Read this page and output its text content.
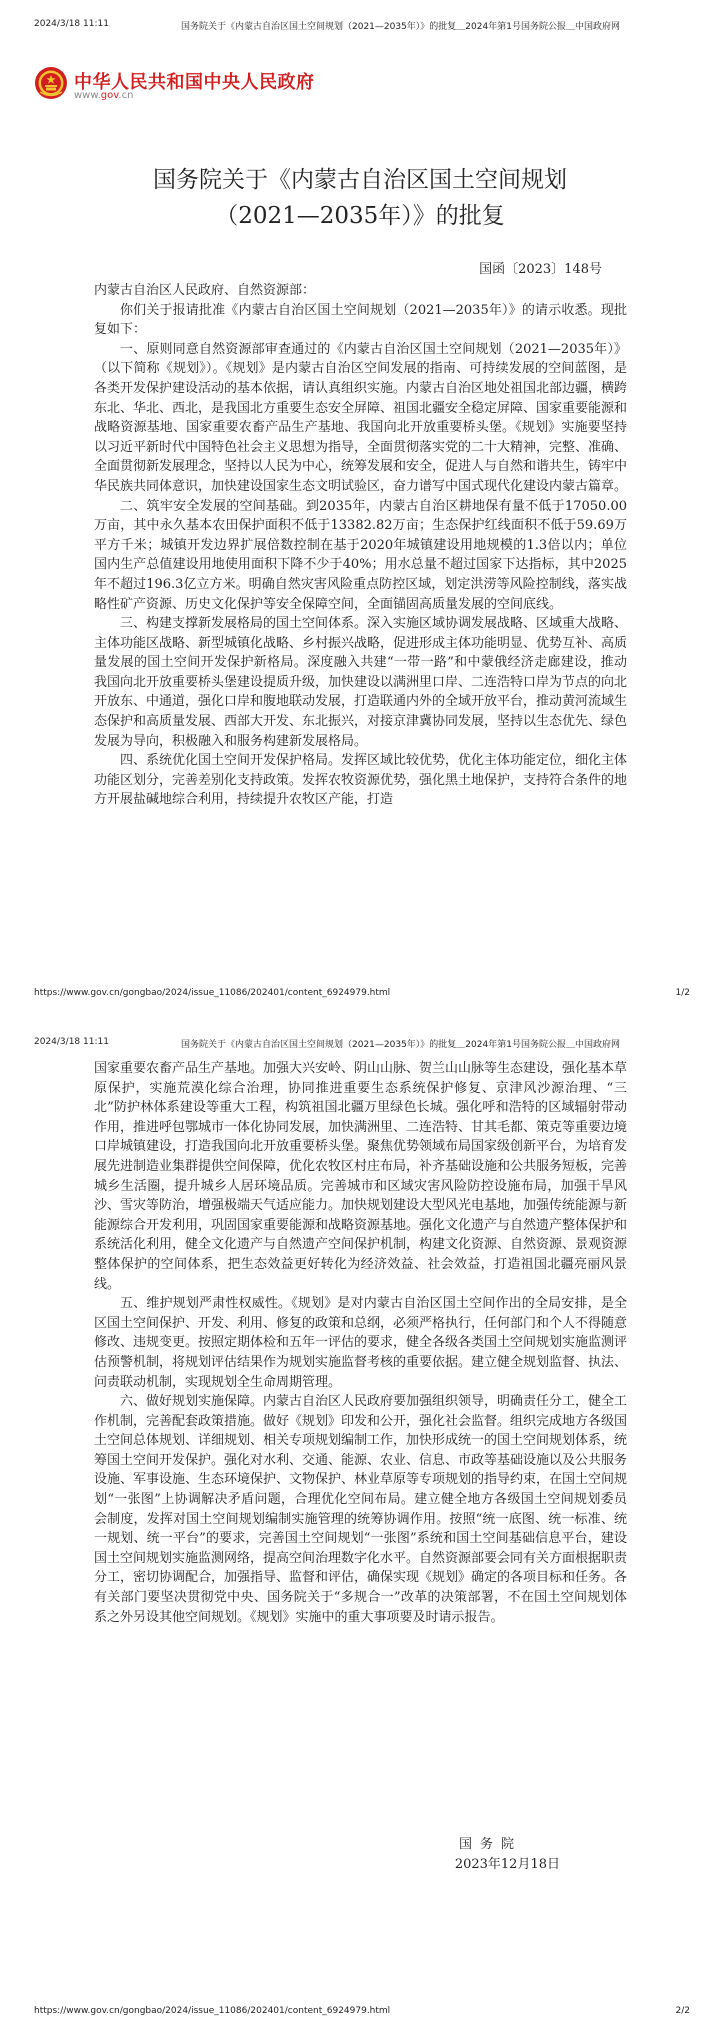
2024/3/18 11:11	国务院关于《内蒙古自治区国土空间规划（2021—2035年）》的批复＿2024年第1号国务院公报＿中国政府网
中华人民共和国中央人民政府
www.gov.cn
国务院关于《内蒙古自治区国土空间规划
（2021—2035年）》的批复
国函〔2023〕148号

内蒙古自治区人民政府、自然资源部：

你们关于报请批准《内蒙古自治区国土空间规划（2021—2035年）》的请示收悉。现批复如下：

一、原则同意自然资源部审查通过的《内蒙古自治区国土空间规划（2021—2035年）》（以下简称《规划》）。《规划》是内蒙古自治区空间发展的指南、可持续发展的空间蓝图，是各类开发保护建设活动的基本依据，请认真组织实施。内蒙古自治区地处祖国北部边疆，横跨东北、华北、西北，是我国北方重要生态安全屏障、祖国北疆安全稳定屏障、国家重要能源和战略资源基地、国家重要农畜产品生产基地、我国向北开放重要桥头堡。《规划》实施要坚持以习近平新时代中国特色社会主义思想为指导，全面贯彻落实党的二十大精神，完整、准确、全面贯彻新发展理念，坚持以人民为中心，统筹发展和安全，促进人与自然和谐共生，铸牢中华民族共同体意识，加快建设国家生态文明试验区，奋力谱写中国式现代化建设内蒙古篇章。

二、筑牢安全发展的空间基础。到2035年，内蒙古自治区耕地保有量不低于17050.00万亩，其中永久基本农田保护面积不低于13382.82万亩；生态保护红线面积不低于59.69万平方千米；城镇开发边界扩展倍数控制在基于2020年城镇建设用地规模的1.3倍以内；单位国内生产总值建设用地使用面积下降不少于40%；用水总量不超过国家下达指标，其中2025年不超过196.3亿立方米。明确自然灾害风险重点防控区域，划定洪涝等风险控制线，落实战略性矿产资源、历史文化保护等安全保障空间，全面锚固高质量发展的空间底线。

三、构建支撑新发展格局的国土空间体系。深入实施区域协调发展战略、区域重大战略、主体功能区战略、新型城镇化战略、乡村振兴战略，促进形成主体功能明显、优势互补、高质量发展的国土空间开发保护新格局。深度融入共建“一带一路”和中蒙俄经济走廊建设，推动我国向北开放重要桥头堡建设提质升级，加快建设以满洲里口岸、二连浩特口岸为节点的向北开放东、中通道，强化口岸和腹地联动发展，打造联通内外的全域开放平台，推动黄河流域生态保护和高质量发展、西部大开发、东北振兴，对接京津冀协同发展，坚持以生态优先、绿色发展为导向，积极融入和服务构建新发展格局。

四、系统优化国土空间开发保护格局。发挥区域比较优势，优化主体功能定位，细化主体功能区划分，完善差别化支持政策。发挥农牧资源优势，强化黑土地保护，支持符合条件的地方开展盐碱地综合利用，持续提升农牧区产能，打造

https://www.gov.cn/gongbao/2024/issue_11086/202401/content_6924979.html	1/2
2024/3/18 11:11	国务院关于《内蒙古自治区国土空间规划（2021—2035年）》的批复＿2024年第1号国务院公报＿中国政府网
https://www.gov.cn/gongbao/2024/issue_11086/202401/content_6924979.html	2/2

国家重要农畜产品生产基地。加强大兴安岭、阴山山脉、贺兰山山脉等生态建设，强化基本草原保护，实施荒漠化综合治理，协同推进重要生态系统保护修复、京津风沙源治理、“三北”防护林体系建设等重大工程，构筑祖国北疆万里绿色长城。强化呼和浩特的区域辐射带动作用，推进呼包鄂城市一体化协同发展，加快满洲里、二连浩特、甘其毛都、策克等重要边境口岸城镇建设，打造我国向北开放重要桥头堡。聚焦优势领域布局国家级创新平台，为培育发展先进制造业集群提供空间保障，优化农牧区村庄布局，补齐基础设施和公共服务短板，完善城乡生活圈，提升城乡人居环境品质。完善城市和区域灾害风险防控设施布局，加强干旱风沙、雪灾等防治，增强极端天气适应能力。加快规划建设大型风光电基地，加强传统能源与新能源综合开发利用，巩固国家重要能源和战略资源基地。强化文化遗产与自然遗产整体保护和系统活化利用，健全文化遗产与自然遗产空间保护机制，构建文化资源、自然资源、景观资源整体保护的空间体系，把生态效益更好转化为经济效益、社会效益，打造祖国北疆亮丽风景线。

五、维护规划严肃性权威性。《规划》是对内蒙古自治区国土空间作出的全局安排，是全区国土空间保护、开发、利用、修复的政策和总纲，必须严格执行，任何部门和个人不得随意修改、违规变更。按照定期体检和五年一评估的要求，健全各级各类国土空间规划实施监测评估预警机制，将规划评估结果作为规划实施监督考核的重要依据。建立健全规划监督、执法、问责联动机制，实现规划全生命周期管理。

六、做好规划实施保障。内蒙古自治区人民政府要加强组织领导，明确责任分工，健全工作机制，完善配套政策措施。做好《规划》印发和公开，强化社会监督。组织完成地方各级国土空间总体规划、详细规划、相关专项规划编制工作，加快形成统一的国土空间规划体系，统筹国土空间开发保护。强化对水利、交通、能源、农业、信息、市政等基础设施以及公共服务设施、军事设施、生态环境保护、文物保护、林业草原等专项规划的指导约束，在国土空间规划“一张图”上协调解决矛盾问题，合理优化空间布局。建立健全地方各级国土空间规划委员会制度，发挥对国土空间规划编制实施管理的统筹协调作用。按照“统一底图、统一标准、统一规划、统一平台”的要求，完善国土空间规划“一张图”系统和国土空间基础信息平台，建设国土空间规划实施监测网络，提高空间治理数字化水平。自然资源部要会同有关方面根据职责分工，密切协调配合，加强指导、监督和评估，确保实现《规划》确定的各项目标和任务。各有关部门要坚决贯彻党中央、国务院关于“多规合一”改革的决策部署，不在国土空间规划体系之外另设其他空间规划。《规划》实施中的重大事项要及时请示报告。

国务院
2023年12月18日
